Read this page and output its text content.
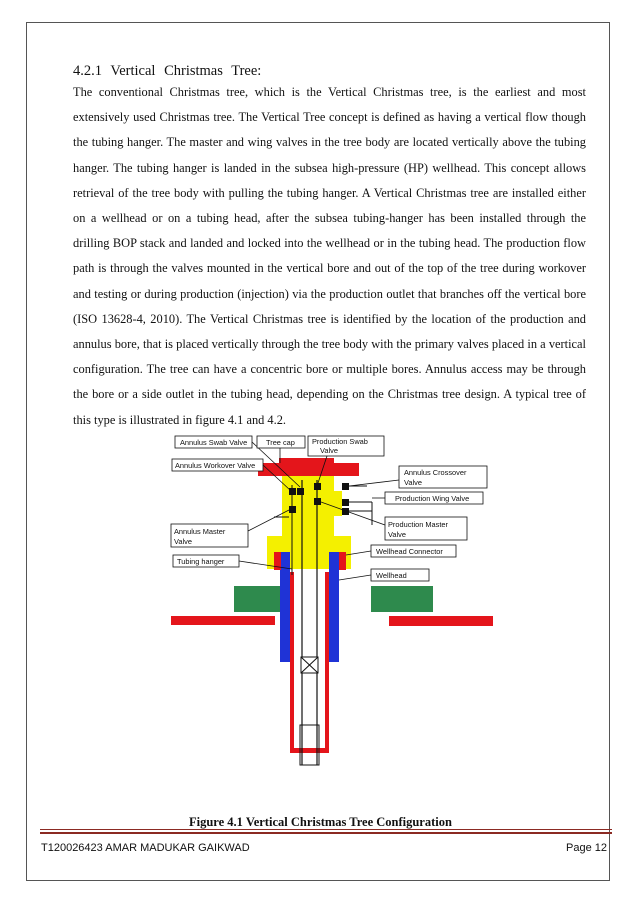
4.2.1 Vertical Christmas Tree:

The conventional Christmas tree, which is the Vertical Christmas tree, is the earliest and most extensively used Christmas tree. The Vertical Tree concept is defined as having a vertical flow though the tubing hanger. The master and wing valves in the tree body are located vertically above the tubing hanger. The tubing hanger is landed in the subsea high-pressure (HP) wellhead. This concept allows retrieval of the tree body with pulling the tubing hanger. A Vertical Christmas tree are installed either on a wellhead or on a tubing head, after the subsea tubing-hanger has been installed through the drilling BOP stack and landed and locked into the wellhead or in the tubing head. The production flow path is through the valves mounted in the vertical bore and out of the top of the tree during workover and testing or during production (injection) via the production outlet that branches off the vertical bore (ISO 13628-4, 2010). The Vertical Christmas tree is identified by the location of the production and annulus bore, that is placed vertically through the tree body with the primary valves placed in a vertical configuration. The tree can have a concentric bore or multiple bores. Annulus access may be through the bore or a side outlet in the tubing head, depending on the Christmas tree design. A typical tree of this type is illustrated in figure 4.1 and 4.2.

Annulus Swab Valve	Tree cap Production Swab
Valve
Annulus Workover Valve
Annulus Crossover
Valve
Production Wing Valve
Annulus Master
Valve
Production Master
Valve
Wellhead Connector
Tubing hanger
Wellhead
Figure 4.1 Vertical Christmas Tree Configuration
T120026423 AMAR MADUKAR GAIKWAD	Page 12
